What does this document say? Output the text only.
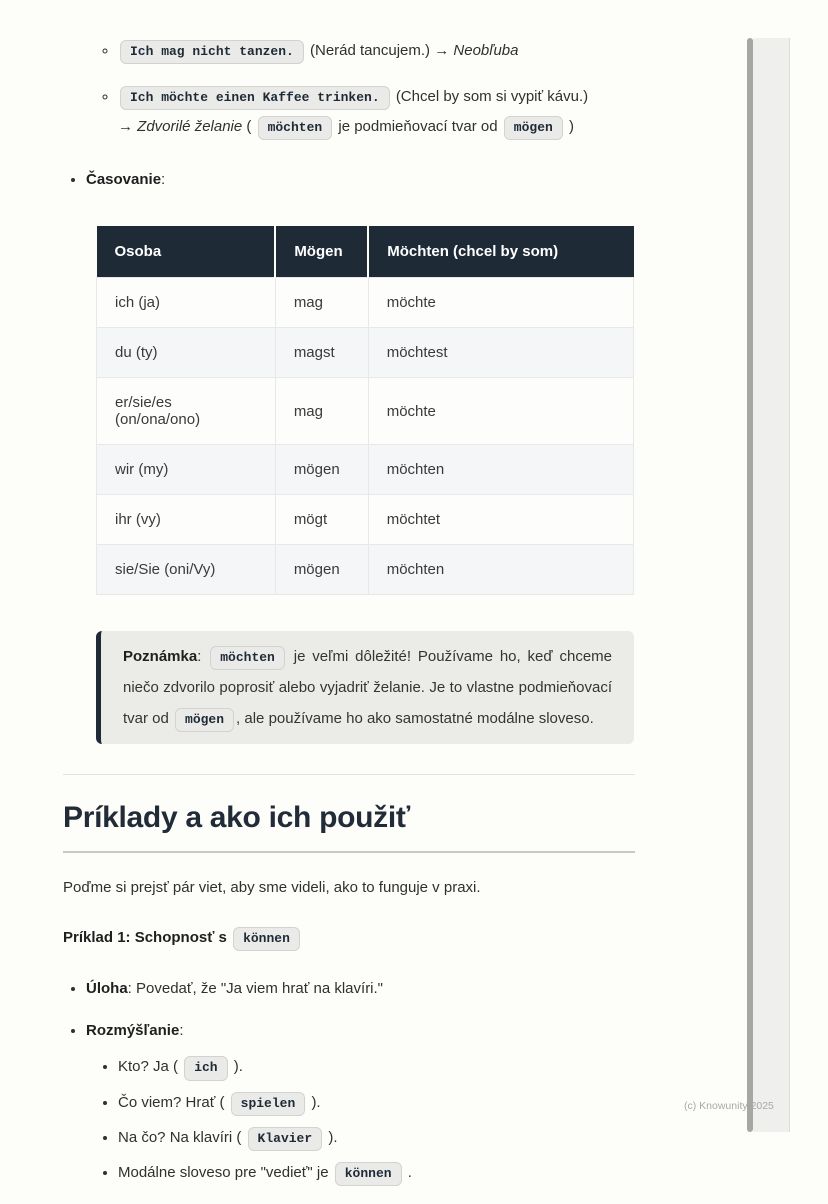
◦ Ich mag nicht tanzen. (Nerád tancujem.) → Neobľuba
◦ Ich möchte einen Kaffee trinken. (Chcel by som si vypiť kávu.)
→ Zdvorilé želanie ( möchten je podmieňovací tvar od mögen )
• Časovanie:
Osoba	Mögen	Möchten (chcel by som)
ich (ja)	mag	möchte
du (ty)	magst	möchtest
er/sie/es (on/ona/ono)	mag	möchte
wir (my)	mögen	möchten
ihr (vy)	mögt	möchtet
sie/Sie (oni/Vy)	mögen	möchten
Poznámka: möchten je veľmi dôležité! Používame ho, keď chceme niečo zdvorilo poprosiť alebo vyjadriť želanie. Je to vlastne podmieňovací tvar od mögen , ale používame ho ako samostatné modálne sloveso.
Príklady a ako ich použiť

Poďme si prejsť pár viet, aby sme videli, ako to funguje v praxi.

Príklad 1: Schopnosť s können

• Úloha: Povedať, že "Ja viem hrať na klavíri."
• Rozmýšľanie:
• Kto? Ja ( ich ).
• Čo viem? Hrať ( spielen ).
• Na čo? Na klavíri ( Klavier ).
• Modálne sloveso pre "vedieť" je können .
(c) Knowunity 2025
